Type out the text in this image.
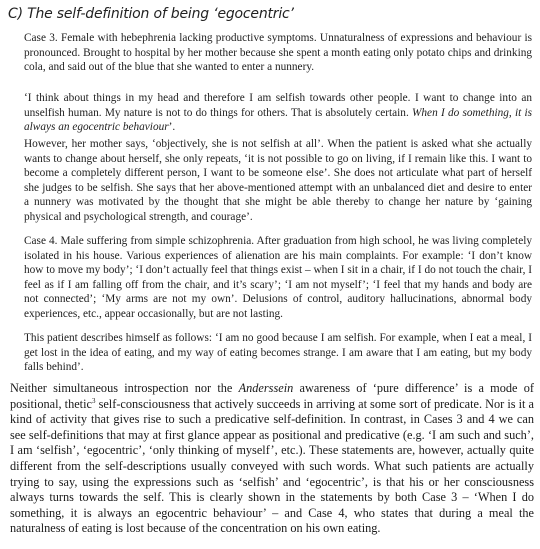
C) The self-definition of being ‘egocentric’

Case 3. Female with hebephrenia lacking productive symptoms. Unnaturalness of expressions and behaviour is pronounced. Brought to hospital by her mother because she spent a month eating only potato chips and drinking cola, and said out of the blue that she wanted to enter a nunnery.

‘I think about things in my head and therefore I am selfish towards other people. I want to change into an unselfish human. My nature is not to do things for others. That is absolutely certain. When I do something, it is always an egocentric behaviour’.

However, her mother says, ‘objectively, she is not selfish at all’. When the patient is asked what she actually wants to change about herself, she only repeats, ‘it is not possible to go on living, if I remain like this. I want to become a completely different person, I want to be someone else’. She does not articulate what part of herself she judges to be selfish. She says that her above-mentioned attempt with an unbalanced diet and desire to enter a nunnery was motivated by the thought that she might be able thereby to change her nature by ‘gaining physical and psychological strength, and courage’.

Case 4. Male suffering from simple schizophrenia. After graduation from high school, he was living completely isolated in his house. Various experiences of alienation are his main complaints. For example: ‘I don’t know how to move my body’; ‘I don’t actually feel that things exist – when I sit in a chair, if I do not touch the chair, I feel as if I am falling off from the chair, and it’s scary’; ‘I am not myself’; ‘I feel that my hands and body are not connected’; ‘My arms are not my own’. Delusions of control, auditory hallucinations, abnormal body experiences, etc., appear occasionally, but are not lasting.

This patient describes himself as follows: ‘I am no good because I am selfish. For example, when I eat a meal, I get lost in the idea of eating, and my way of eating becomes strange. I am aware that I am eating, but my body falls behind’.

Neither simultaneous introspection nor the Anderssein awareness of ‘pure difference’ is a mode of positional, thetic$^3$ self-consciousness that actively succeeds in arriving at some sort of predicate. Nor is it a kind of activity that gives rise to such a predicative self-definition. In contrast, in Cases 3 and 4 we can see self-definitions that may at first glance appear as positional and predicative (e.g. ‘I am such and such’, I am ‘selfish’, ‘egocentric’, ‘only thinking of myself’, etc.). These statements are, however, actually quite different from the self-descriptions usually conveyed with such words. What such patients are actually trying to say, using the expressions such as ‘selfish’ and ‘egocentric’, is that his or her consciousness always turns towards the self. This is clearly shown in the statements by both Case 3 – ‘When I do something, it is always an egocentric behaviour’ – and Case 4, who states that during a meal the naturalness of eating is lost because of the concentration on his own eating.
